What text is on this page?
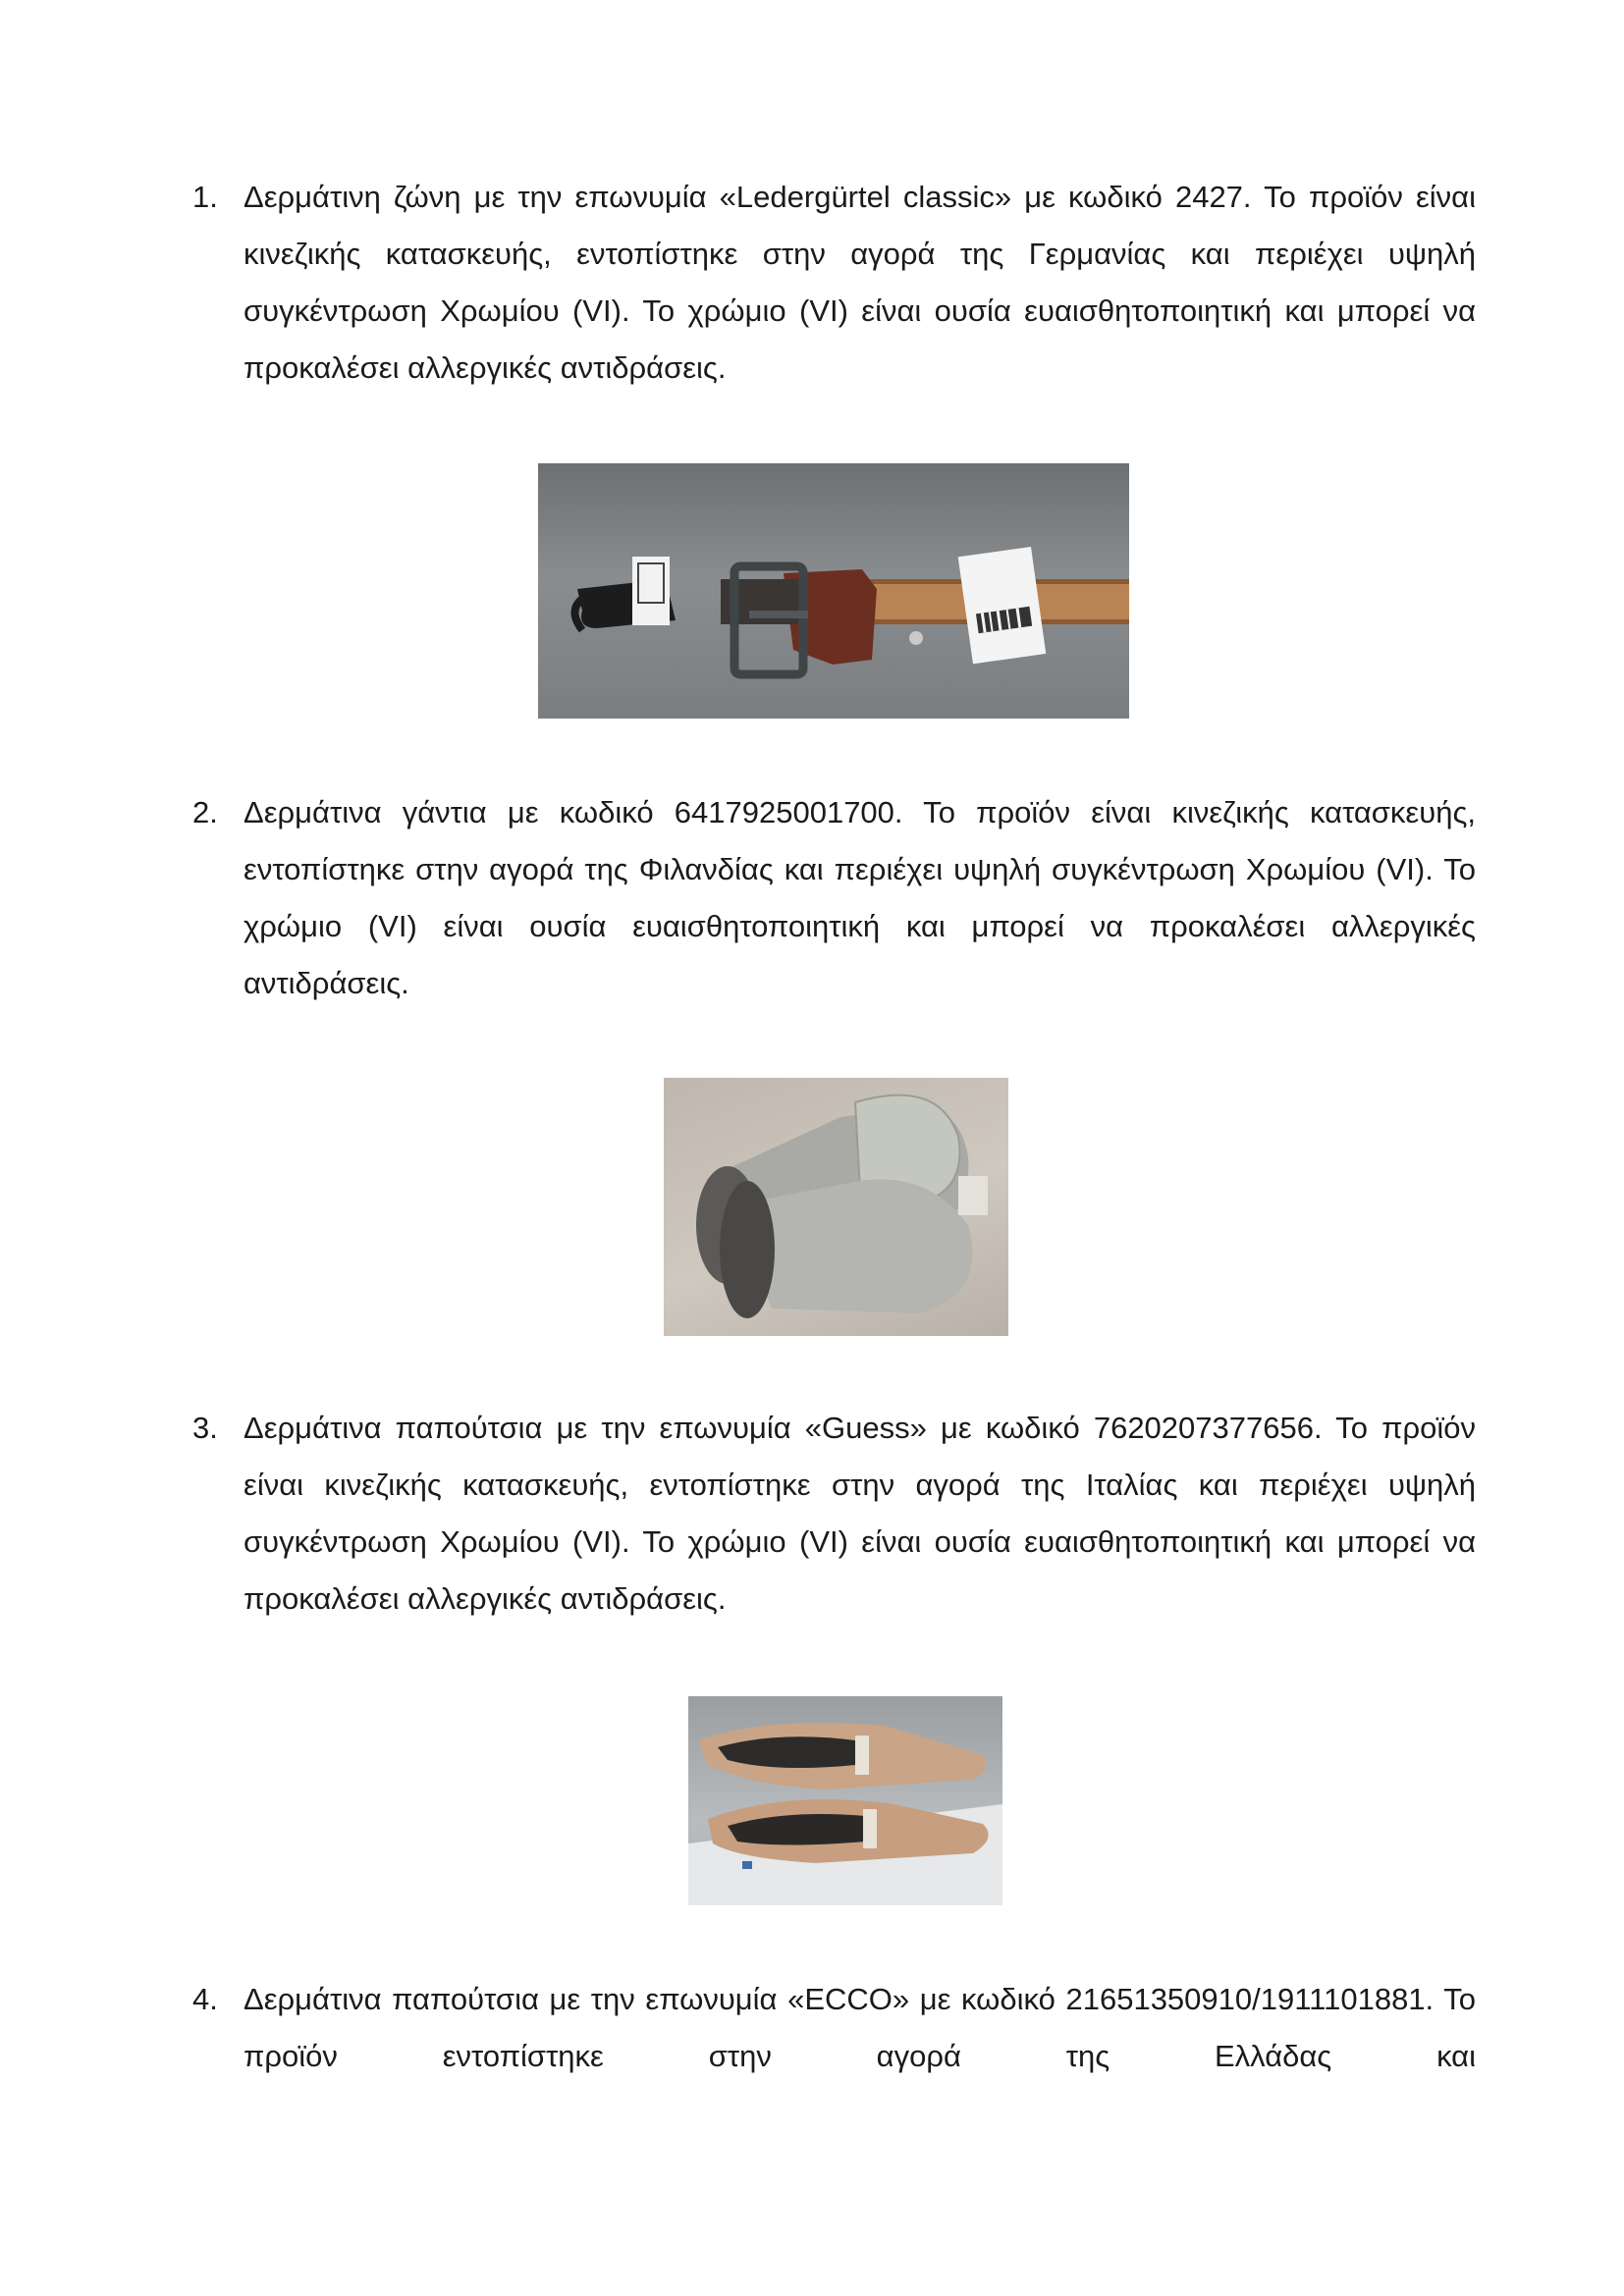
1. Δερμάτινη ζώνη με την επωνυμία «Ledergürtel classic» με κωδικό 2427. Το προϊόν είναι κινεζικής κατασκευής, εντοπίστηκε στην αγορά της Γερμανίας και περιέχει υψηλή συγκέντρωση Χρωμίου (VI). Το χρώμιο (VI) είναι ουσία ευαισθητοποιητική και μπορεί να προκαλέσει αλλεργικές αντιδράσεις.
2. Δερμάτινα γάντια με κωδικό 6417925001700. Το προϊόν είναι κινεζικής κατασκευής, εντοπίστηκε στην αγορά της Φιλανδίας και περιέχει υψηλή συγκέντρωση Χρωμίου (VI). Το χρώμιο (VI) είναι ουσία ευαισθητοποιητική και μπορεί να προκαλέσει αλλεργικές αντιδράσεις.
3. Δερμάτινα παπούτσια με την επωνυμία «Guess» με κωδικό 7620207377656. Το προϊόν είναι κινεζικής κατασκευής, εντοπίστηκε στην αγορά της Ιταλίας και περιέχει υψηλή συγκέντρωση Χρωμίου (VI). Το χρώμιο (VI) είναι ουσία ευαισθητοποιητική και μπορεί να προκαλέσει αλλεργικές αντιδράσεις.
4. Δερμάτινα παπούτσια με την επωνυμία «ECCO» με κωδικό 21651350910/1911101881. Το προϊόν εντοπίστηκε στην αγορά της Ελλάδας και
